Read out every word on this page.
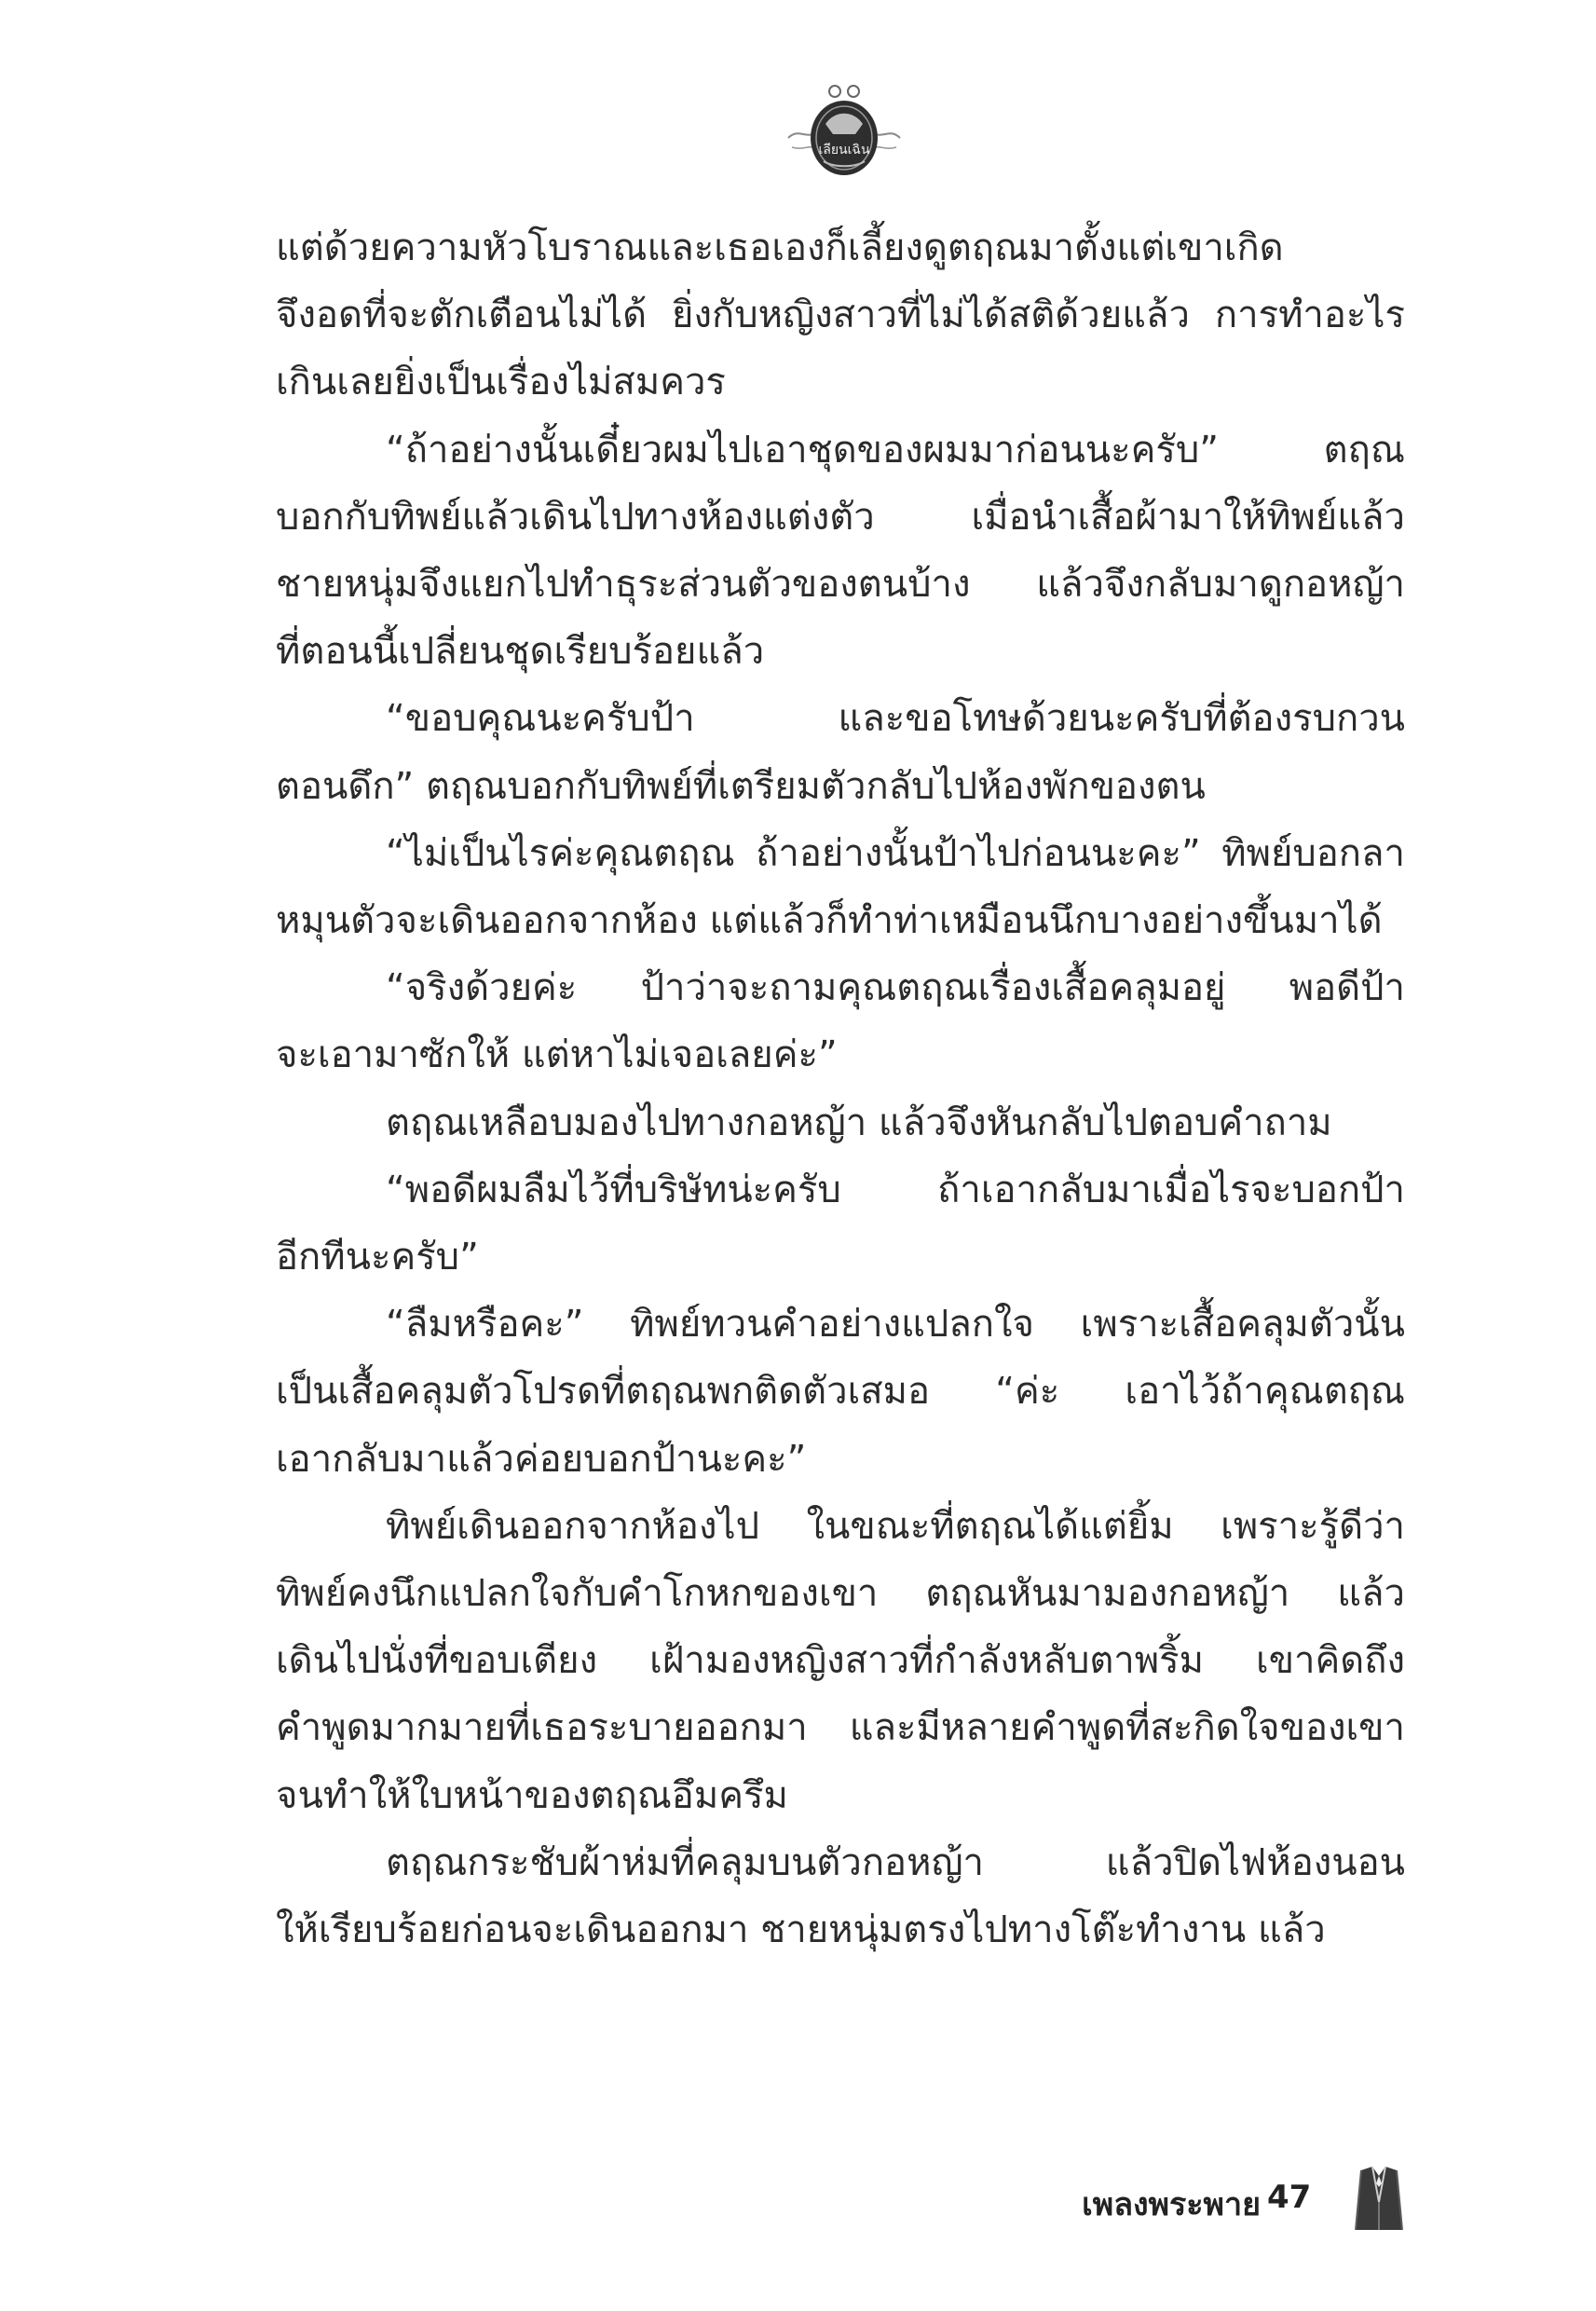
เลียนเฉิน
แต่ด้วยความหัวโบราณและเธอเองก็เลี้ยงดูตฤณมาตั้งแต่เขาเกิด
จึงอดที่จะตักเตือนไม่ได้ ยิ่งกับหญิงสาวที่ไม่ได้สติด้วยแล้ว การทำอะไร
เกินเลยยิ่งเป็นเรื่องไม่สมควร
“ถ้าอย่างนั้นเดี๋ยวผมไปเอาชุดของผมมาก่อนนะครับ” ตฤณ
บอกกับทิพย์แล้วเดินไปทางห้องแต่งตัว เมื่อนำเสื้อผ้ามาให้ทิพย์แล้ว
ชายหนุ่มจึงแยกไปทำธุระส่วนตัวของตนบ้าง แล้วจึงกลับมาดูกอหญ้า
ที่ตอนนี้เปลี่ยนชุดเรียบร้อยแล้ว
“ขอบคุณนะครับป้า และขอโทษด้วยนะครับที่ต้องรบกวน
ตอนดึก” ตฤณบอกกับทิพย์ที่เตรียมตัวกลับไปห้องพักของตน
“ไม่เป็นไรค่ะคุณตฤณ ถ้าอย่างนั้นป้าไปก่อนนะคะ” ทิพย์บอกลา
หมุนตัวจะเดินออกจากห้อง แต่แล้วก็ทำท่าเหมือนนึกบางอย่างขึ้นมาได้
“จริงด้วยค่ะ ป้าว่าจะถามคุณตฤณเรื่องเสื้อคลุมอยู่ พอดีป้า
จะเอามาซักให้ แต่หาไม่เจอเลยค่ะ”
ตฤณเหลือบมองไปทางกอหญ้า แล้วจึงหันกลับไปตอบคำถาม
“พอดีผมลืมไว้ที่บริษัทน่ะครับ ถ้าเอากลับมาเมื่อไรจะบอกป้า
อีกทีนะครับ”
“ลืมหรือคะ” ทิพย์ทวนคำอย่างแปลกใจ เพราะเสื้อคลุมตัวนั้น
เป็นเสื้อคลุมตัวโปรดที่ตฤณพกติดตัวเสมอ “ค่ะ เอาไว้ถ้าคุณตฤณ
เอากลับมาแล้วค่อยบอกป้านะคะ”
ทิพย์เดินออกจากห้องไป ในขณะที่ตฤณได้แต่ยิ้ม เพราะรู้ดีว่า
ทิพย์คงนึกแปลกใจกับคำโกหกของเขา ตฤณหันมามองกอหญ้า แล้ว
เดินไปนั่งที่ขอบเตียง เฝ้ามองหญิงสาวที่กำลังหลับตาพริ้ม เขาคิดถึง
คำพูดมากมายที่เธอระบายออกมา และมีหลายคำพูดที่สะกิดใจของเขา
จนทำให้ใบหน้าของตฤณอึมครึม
ตฤณกระชับผ้าห่มที่คลุมบนตัวกอหญ้า แล้วปิดไฟห้องนอน
ให้เรียบร้อยก่อนจะเดินออกมา ชายหนุ่มตรงไปทางโต๊ะทำงาน แล้ว
เพลงพระพาย 47
